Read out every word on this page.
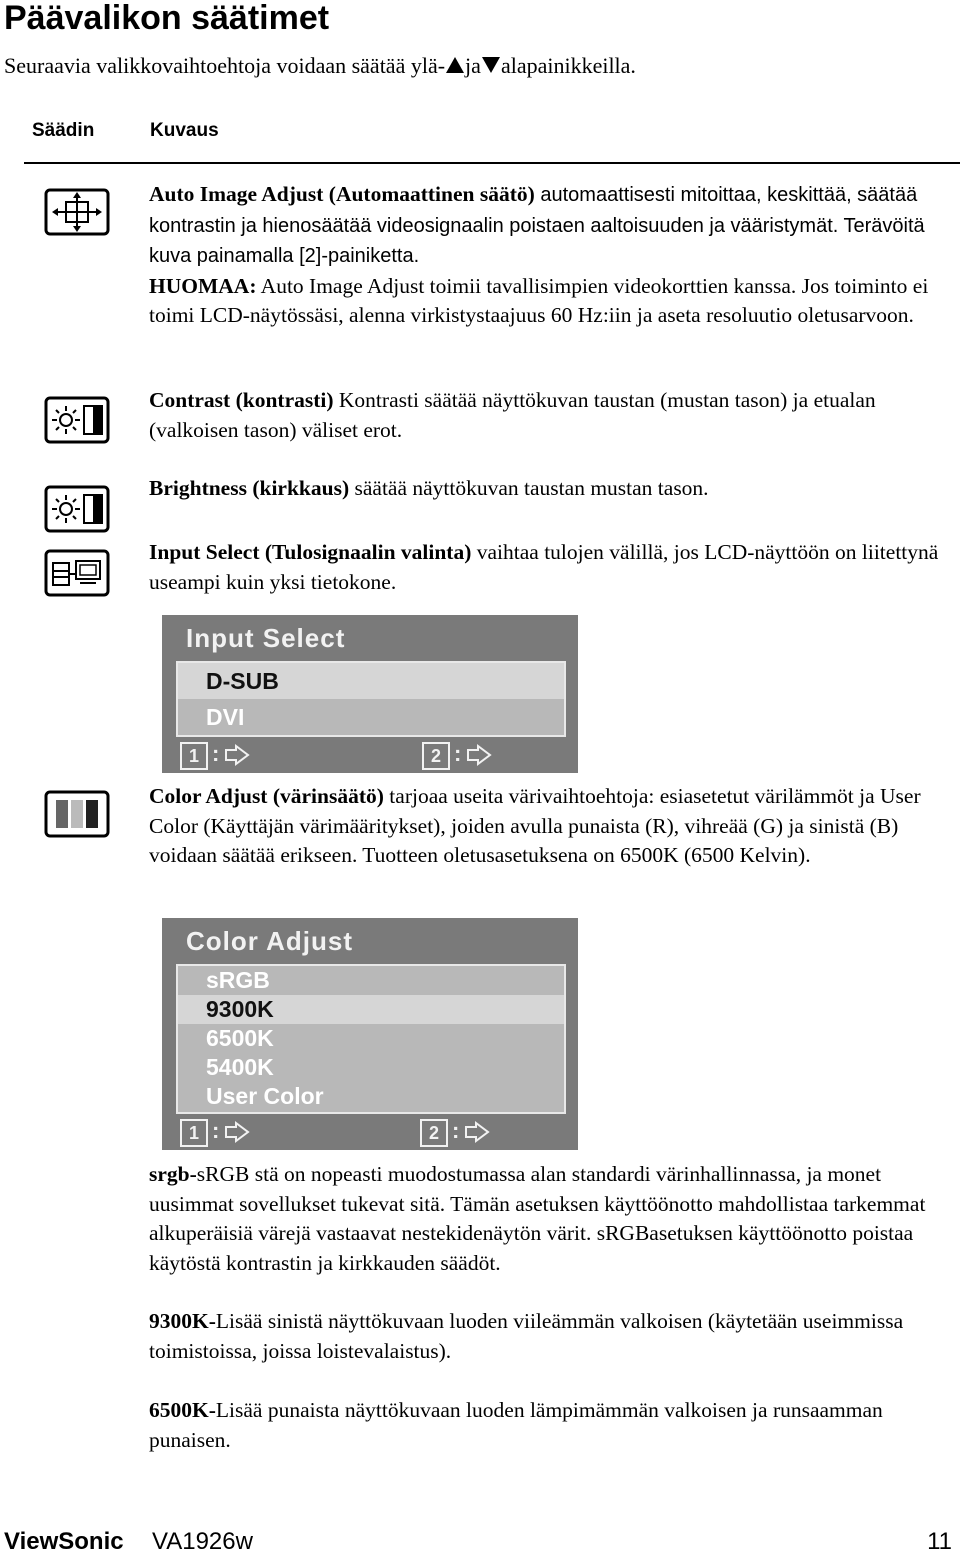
Päävalikon säätimet
Seuraavia valikkovaihtoehtoja voidaan säätää ylä- ja alapainikkeilla.
Säädin	Kuvaus
Auto Image Adjust (Automaattinen säätö) automaattisesti mitoittaa, keskittää, säätää kontrastin ja hienosäätää videosignaalin poistaen aaltoisuuden ja vääristymät. Terävöitä kuva painamalla [2]-painiketta.
HUOMAA: Auto Image Adjust toimii tavallisimpien videokorttien kanssa. Jos toiminto ei toimi LCD-näytössäsi, alenna virkistystaajuus 60 Hz:iin ja aseta resoluutio oletusarvoon.
Contrast (kontrasti) Kontrasti säätää näyttökuvan taustan (mustan tason) ja etualan (valkoisen tason) väliset erot.
Brightness (kirkkaus) säätää näyttökuvan taustan mustan tason.
Input Select (Tulosignaalin valinta) vaihtaa tulojen välillä, jos LCD-näyttöön on liitettynä useampi kuin yksi tietokone.
Input Select
D-SUB
DVI
1 :	2 :
Color Adjust (värinsäätö) tarjoaa useita värivaihtoehtoja: esiasetetut värilämmöt ja User Color (Käyttäjän värimääritykset), joiden avulla punaista (R), vihreää (G) ja sinistä (B) voidaan säätää erikseen. Tuotteen oletusasetuksena on 6500K (6500 Kelvin).
Color Adjust
sRGB
9300K
6500K
5400K
User Color
1 :	2 :
srgb-sRGB stä on nopeasti muodostumassa alan standardi värinhallinnassa, ja monet uusimmat sovellukset tukevat sitä. Tämän asetuksen käyttöönotto mahdollistaa tarkemmat alkuperäisiä värejä vastaavat nestekidenäytön värit. sRGBasetuksen käyttöönotto poistaa käytöstä kontrastin ja kirkkauden säädöt.
9300K-Lisää sinistä näyttökuvaan luoden viileämmän valkoisen (käytetään useimmissa toimistoissa, joissa loistevalaistus).
6500K-Lisää punaista näyttökuvaan luoden lämpimämmän valkoisen ja runsaamman punaisen.
ViewSonic VA1926w	11
